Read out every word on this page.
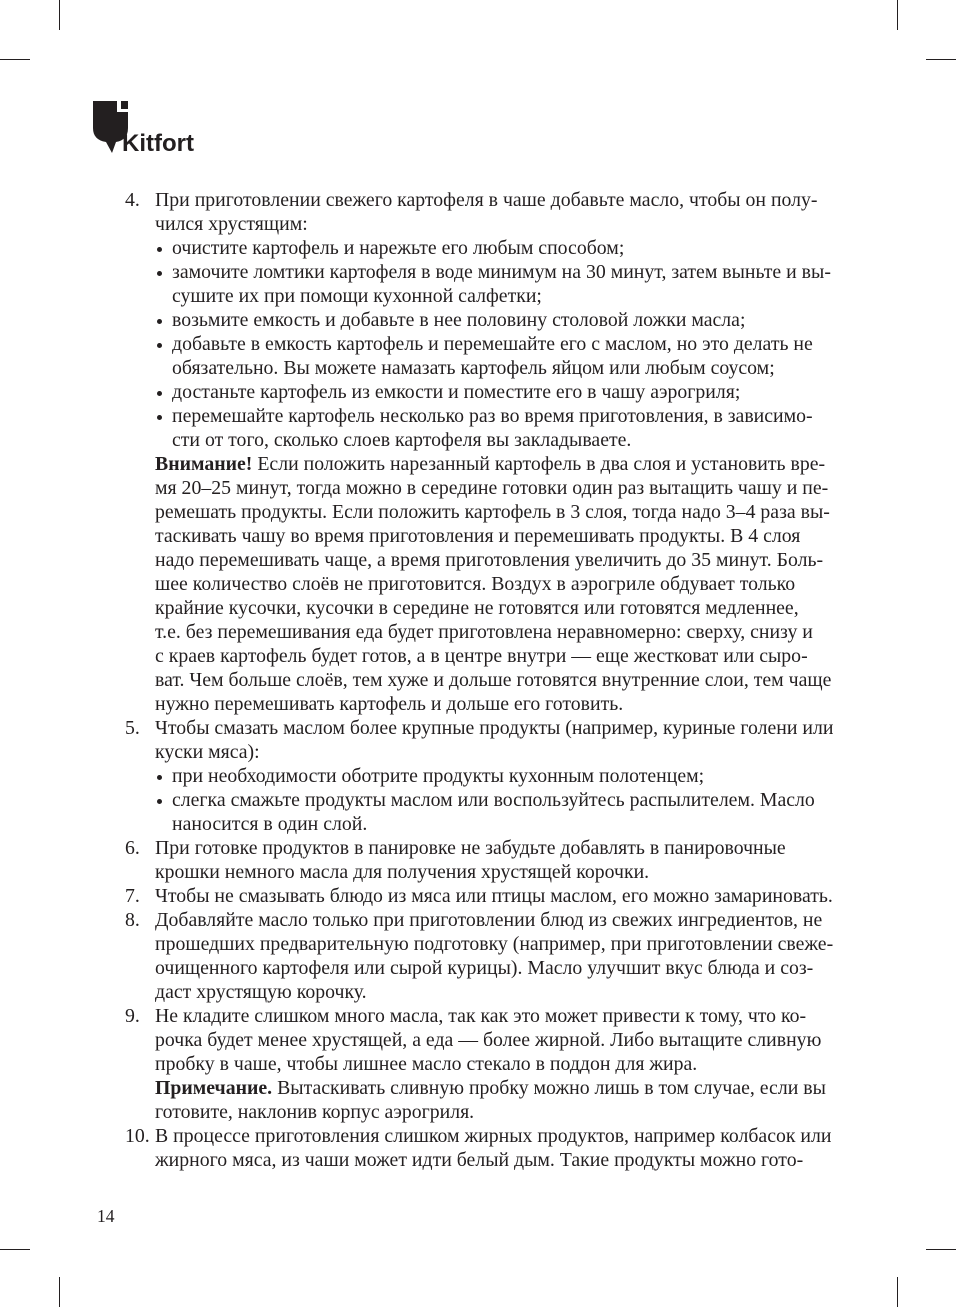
Kitfort
4. При приготовлении свежего картофеля в чаше добавьте масло, чтобы он полу-
чился хрустящим:
очистите картофель и нарежьте его любым способом;
замочите ломтики картофеля в воде минимум на 30 минут, затем выньте и вы-
сушите их при помощи кухонной салфетки;
возьмите емкость и добавьте в нее половину столовой ложки масла;
добавьте в емкость картофель и перемешайте его с маслом, но это делать не
обязательно. Вы можете намазать картофель яйцом или любым соусом;
достаньте картофель из емкости и поместите его в чашу аэрогриля;
перемешайте картофель несколько раз во время приготовления, в зависимо-
сти от того, сколько слоев картофеля вы закладываете.
Внимание! Если положить нарезанный картофель в два слоя и установить вре-
мя 20–25 минут, тогда можно в середине готовки один раз вытащить чашу и пе-
ремешать продукты. Если положить картофель в 3 слоя, тогда надо 3–4 раза вы-
таскивать чашу во время приготовления и перемешивать продукты. В 4 слоя
надо перемешивать чаще, а время приготовления увеличить до 35 минут. Боль-
шее количество слоёв не приготовится. Воздух в аэрогриле обдувает только
крайние кусочки, кусочки в середине не готовятся или готовятся медленнее,
т.е. без перемешивания еда будет приготовлена неравномерно: сверху, снизу и
с краев картофель будет готов, а в центре внутри — еще жестковат или сыро-
ват. Чем больше слоёв, тем хуже и дольше готовятся внутренние слои, тем чаще
нужно перемешивать картофель и дольше его готовить.
5. Чтобы смазать маслом более крупные продукты (например, куриные голени или
куски мяса):
при необходимости оботрите продукты кухонным полотенцем;
слегка смажьте продукты маслом или воспользуйтесь распылителем. Масло
наносится в один слой.
6. При готовке продуктов в панировке не забудьте добавлять в панировочные
крошки немного масла для получения хрустящей корочки.
7. Чтобы не смазывать блюдо из мяса или птицы маслом, его можно замариновать.
8. Добавляйте масло только при приготовлении блюд из свежих ингредиентов, не
прошедших предварительную подготовку (например, при приготовлении свеже-
очищенного картофеля или сырой курицы). Масло улучшит вкус блюда и соз-
даст хрустящую корочку.
9. Не кладите слишком много масла, так как это может привести к тому, что ко-
рочка будет менее хрустящей, а еда — более жирной. Либо вытащите сливную
пробку в чаше, чтобы лишнее масло стекало в поддон для жира.
Примечание. Вытаскивать сливную пробку можно лишь в том случае, если вы
готовите, наклонив корпус аэрогриля.
10. В процессе приготовления слишком жирных продуктов, например колбасок или
жирного мяса, из чаши может идти белый дым. Такие продукты можно гото-
14
